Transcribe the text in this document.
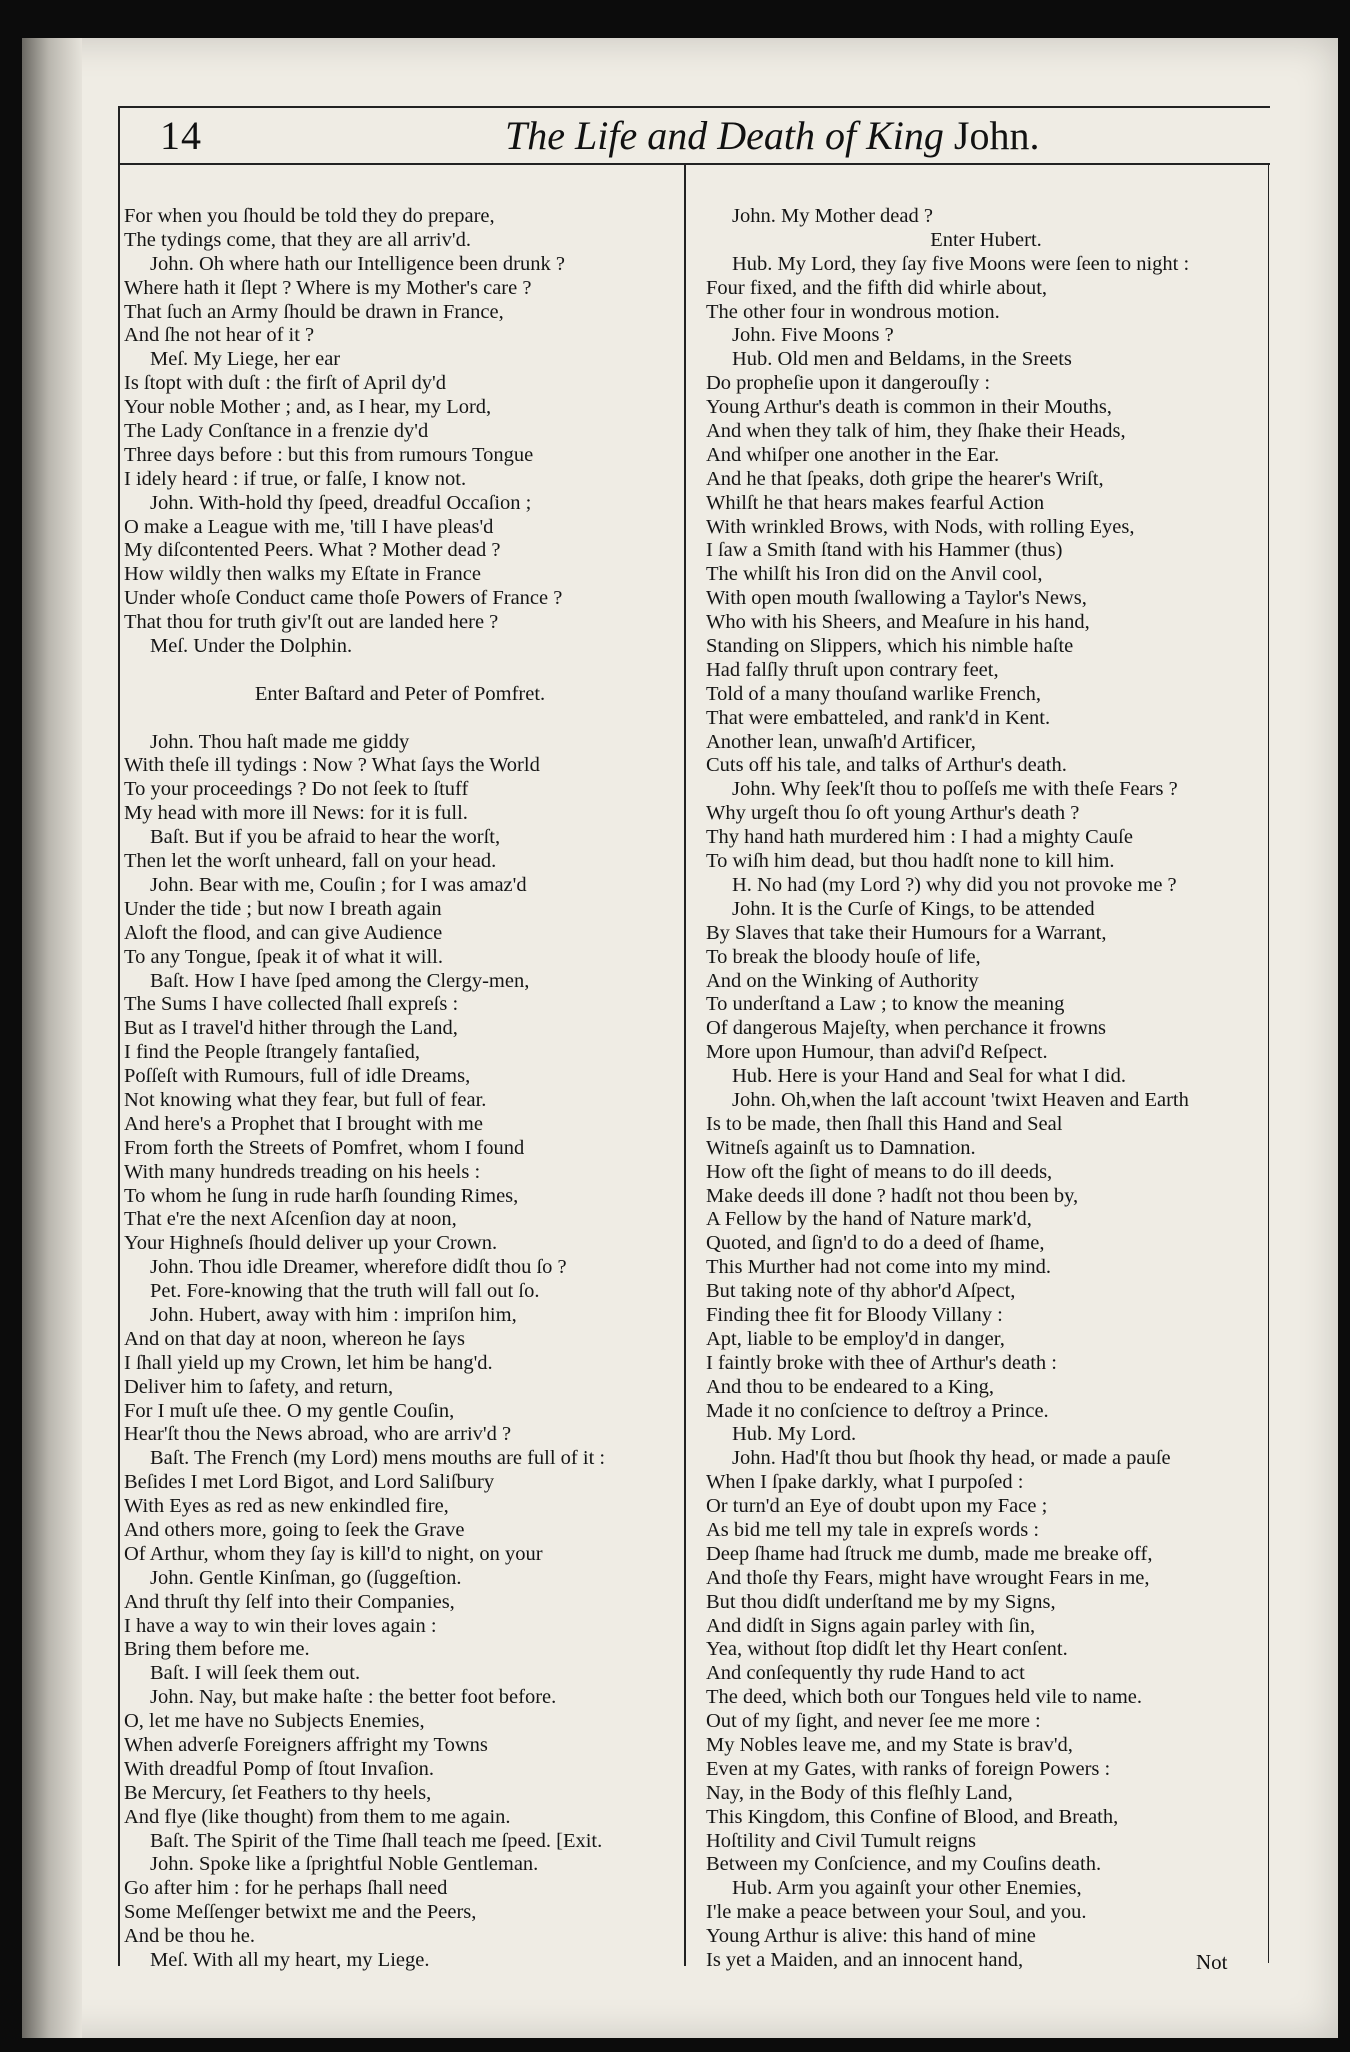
14	The Life and Death of King John.
For when you ſhould be told they do prepare,
The tydings come, that they are all arriv'd.
John. Oh where hath our Intelligence been drunk ?
Where hath it ſlept ? Where is my Mother's care ?
That ſuch an Army ſhould be drawn in France,
And ſhe not hear of it ?
Meſ. My Liege, her ear
Is ſtopt with duſt : the firſt of April dy'd
Your noble Mother ; and, as I hear, my Lord,
The Lady Conſtance in a frenzie dy'd
Three days before : but this from rumours Tongue
I idely heard : if true, or falſe, I know not.
John. With-hold thy ſpeed, dreadful Occaſion ;
O make a League with me, 'till I have pleas'd
My diſcontented Peers. What ? Mother dead ?
How wildly then walks my Eſtate in France
Under whoſe Conduct came thoſe Powers of France ?
That thou for truth giv'ſt out are landed here ?
Meſ. Under the Dolphin.
Enter Baſtard and Peter of Pomfret.
John. Thou haſt made me giddy
With theſe ill tydings : Now ? What ſays the World
To your proceedings ? Do not ſeek to ſtuff
My head with more ill News: for it is full.
Baſt. But if you be afraid to hear the worſt,
Then let the worſt unheard, fall on your head.
John. Bear with me, Couſin ; for I was amaz'd
Under the tide ; but now I breath again
Aloft the flood, and can give Audience
To any Tongue, ſpeak it of what it will.
Baſt. How I have ſped among the Clergy-men,
The Sums I have collected ſhall expreſs :
But as I travel'd hither through the Land,
I find the People ſtrangely fantaſied,
Poſſeſt with Rumours, full of idle Dreams,
Not knowing what they fear, but full of fear.
And here's a Prophet that I brought with me
From forth the Streets of Pomfret, whom I found
With many hundreds treading on his heels :
To whom he ſung in rude harſh ſounding Rimes,
That e're the next Aſcenſion day at noon,
Your Highneſs ſhould deliver up your Crown.
John. Thou idle Dreamer, wherefore didſt thou ſo ?
Pet. Fore-knowing that the truth will fall out ſo.
John. Hubert, away with him : impriſon him,
And on that day at noon, whereon he ſays
I ſhall yield up my Crown, let him be hang'd.
Deliver him to ſafety, and return,
For I muſt uſe thee. O my gentle Couſin,
Hear'ſt thou the News abroad, who are arriv'd ?
Baſt. The French (my Lord) mens mouths are full of it :
Beſides I met Lord Bigot, and Lord Saliſbury
With Eyes as red as new enkindled fire,
And others more, going to ſeek the Grave
Of Arthur, whom they ſay is kill'd to night, on your
John. Gentle Kinſman, go (ſuggeſtion.
And thruſt thy ſelf into their Companies,
I have a way to win their loves again :
Bring them before me.
Baſt. I will ſeek them out.
John. Nay, but make haſte : the better foot before.
O, let me have no Subjects Enemies,
When adverſe Foreigners affright my Towns
With dreadful Pomp of ſtout Invaſion.
Be Mercury, ſet Feathers to thy heels,
And flye (like thought) from them to me again.
Baſt. The Spirit of the Time ſhall teach me ſpeed. [Exit.
John. Spoke like a ſprightful Noble Gentleman.
Go after him : for he perhaps ſhall need
Some Meſſenger betwixt me and the Peers,
And be thou he.
Meſ. With all my heart, my Liege.
John. My Mother dead ?
Enter Hubert.
Hub. My Lord, they ſay five Moons were ſeen to night :
Four fixed, and the fifth did whirle about,
The other four in wondrous motion.
John. Five Moons ?
Hub. Old men and Beldams, in the Sreets
Do propheſie upon it dangerouſly :
Young Arthur's death is common in their Mouths,
And when they talk of him, they ſhake their Heads,
And whiſper one another in the Ear.
And he that ſpeaks, doth gripe the hearer's Wriſt,
Whilſt he that hears makes fearful Action
With wrinkled Brows, with Nods, with rolling Eyes,
I ſaw a Smith ſtand with his Hammer (thus)
The whilſt his Iron did on the Anvil cool,
With open mouth ſwallowing a Taylor's News,
Who with his Sheers, and Meaſure in his hand,
Standing on Slippers, which his nimble haſte
Had falſly thruſt upon contrary feet,
Told of a many thouſand warlike French,
That were embatteled, and rank'd in Kent.
Another lean, unwaſh'd Artificer,
Cuts off his tale, and talks of Arthur's death.
John. Why ſeek'ſt thou to poſſeſs me with theſe Fears ?
Why urgeſt thou ſo oft young Arthur's death ?
Thy hand hath murdered him : I had a mighty Cauſe
To wiſh him dead, but thou hadſt none to kill him.
H. No had (my Lord ?) why did you not provoke me ?
John. It is the Curſe of Kings, to be attended
By Slaves that take their Humours for a Warrant,
To break the bloody houſe of life,
And on the Winking of Authority
To underſtand a Law ; to know the meaning
Of dangerous Majeſty, when perchance it frowns
More upon Humour, than adviſ'd Reſpect.
Hub. Here is your Hand and Seal for what I did.
John. Oh,when the laſt account 'twixt Heaven and Earth
Is to be made, then ſhall this Hand and Seal
Witneſs againſt us to Damnation.
How oft the ſight of means to do ill deeds,
Make deeds ill done ? hadſt not thou been by,
A Fellow by the hand of Nature mark'd,
Quoted, and ſign'd to do a deed of ſhame,
This Murther had not come into my mind.
But taking note of thy abhor'd Aſpect,
Finding thee fit for Bloody Villany :
Apt, liable to be employ'd in danger,
I faintly broke with thee of Arthur's death :
And thou to be endeared to a King,
Made it no conſcience to deſtroy a Prince.
Hub. My Lord.
John. Had'ſt thou but ſhook thy head, or made a pauſe
When I ſpake darkly, what I purpoſed :
Or turn'd an Eye of doubt upon my Face ;
As bid me tell my tale in expreſs words :
Deep ſhame had ſtruck me dumb, made me breake off,
And thoſe thy Fears, might have wrought Fears in me,
But thou didſt underſtand me by my Signs,
And didſt in Signs again parley with ſin,
Yea, without ſtop didſt let thy Heart conſent.
And conſequently thy rude Hand to act
The deed, which both our Tongues held vile to name.
Out of my ſight, and never ſee me more :
My Nobles leave me, and my State is brav'd,
Even at my Gates, with ranks of foreign Powers :
Nay, in the Body of this fleſhly Land,
This Kingdom, this Confine of Blood, and Breath,
Hoſtility and Civil Tumult reigns
Between my Conſcience, and my Couſins death.
Hub. Arm you againſt your other Enemies,
I'le make a peace between your Soul, and you.
Young Arthur is alive: this hand of mine
Is yet a Maiden, and an innocent hand,	Not
